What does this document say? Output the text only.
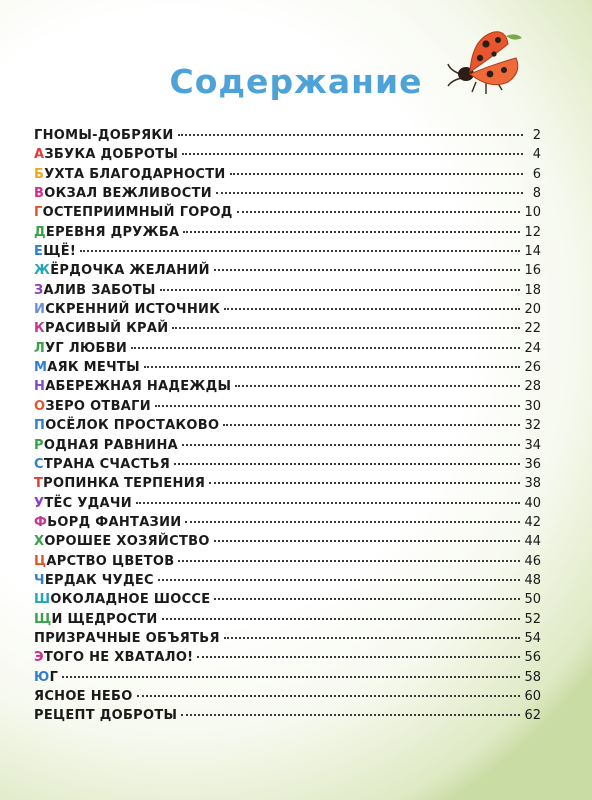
Содержание
ГНОМЫ-ДОБРЯКИ	2
АЗБУКА ДОБРОТЫ	4
БУХТА БЛАГОДАРНОСТИ	6
ВОКЗАЛ ВЕЖЛИВОСТИ	8
ГОСТЕПРИИМНЫЙ ГОРОД	10
ДЕРЕВНЯ ДРУЖБА	12
ЕЩЁ!	14
ЖЁРДОЧКА ЖЕЛАНИЙ	16
ЗАЛИВ ЗАБОТЫ	18
ИСКРЕННИЙ ИСТОЧНИК	20
КРАСИВЫЙ КРАЙ	22
ЛУГ ЛЮБВИ	24
МАЯК МЕЧТЫ	26
НАБЕРЕЖНАЯ НАДЕЖДЫ	28
ОЗЕРО ОТВАГИ	30
ПОСЁЛОК ПРОСТАКОВО	32
РОДНАЯ РАВНИНА	34
СТРАНА СЧАСТЬЯ	36
ТРОПИНКА ТЕРПЕНИЯ	38
УТЁС УДАЧИ	40
ФЬОРД ФАНТАЗИИ	42
ХОРОШЕЕ ХОЗЯЙСТВО	44
ЦАРСТВО ЦВЕТОВ	46
ЧЕРДАК ЧУДЕС	48
ШОКОЛАДНОЕ ШОССЕ	50
ЩИ ЩЕДРОСТИ	52
ПРИЗРАЧНЫЕ ОБЪЯТЬЯ	54
ЭТОГО НЕ ХВАТАЛО!	56
ЮГ	58
ЯСНОЕ НЕБО	60
РЕЦЕПТ ДОБРОТЫ	62
